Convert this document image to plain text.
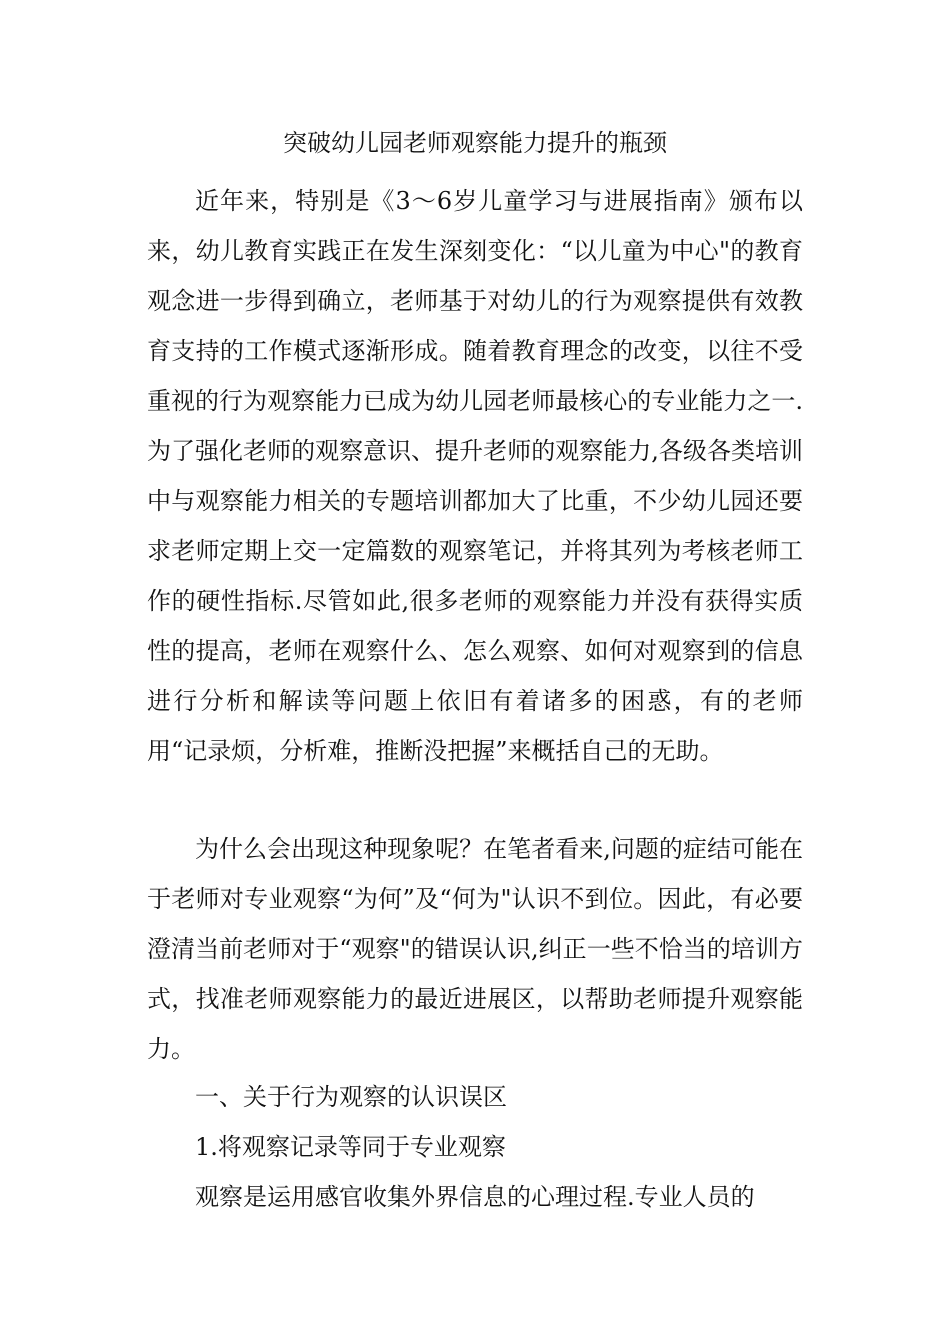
突破幼儿园老师观察能力提升的瓶颈

近年来，特别是《3～6岁儿童学习与进展指南》颁布以来，幼儿教育实践正在发生深刻变化：“以儿童为中心"的教育观念进一步得到确立，老师基于对幼儿的行为观察提供有效教育支持的工作模式逐渐形成。随着教育理念的改变，以往不受重视的行为观察能力已成为幼儿园老师最核心的专业能力之一.为了强化老师的观察意识、提升老师的观察能力,各级各类培训中与观察能力相关的专题培训都加大了比重，不少幼儿园还要求老师定期上交一定篇数的观察笔记，并将其列为考核老师工作的硬性指标.尽管如此,很多老师的观察能力并没有获得实质性的提高，老师在观察什么、怎么观察、如何对观察到的信息进行分析和解读等问题上依旧有着诸多的困惑，有的老师用“记录烦，分析难，推断没把握”来概括自己的无助。

为什么会出现这种现象呢？在笔者看来,问题的症结可能在于老师对专业观察“为何”及“何为"认识不到位。因此，有必要澄清当前老师对于“观察"的错误认识,纠正一些不恰当的培训方式，找准老师观察能力的最近进展区，以帮助老师提升观察能力。

一、关于行为观察的认识误区

1.将观察记录等同于专业观察

观察是运用感官收集外界信息的心理过程.专业人员的
